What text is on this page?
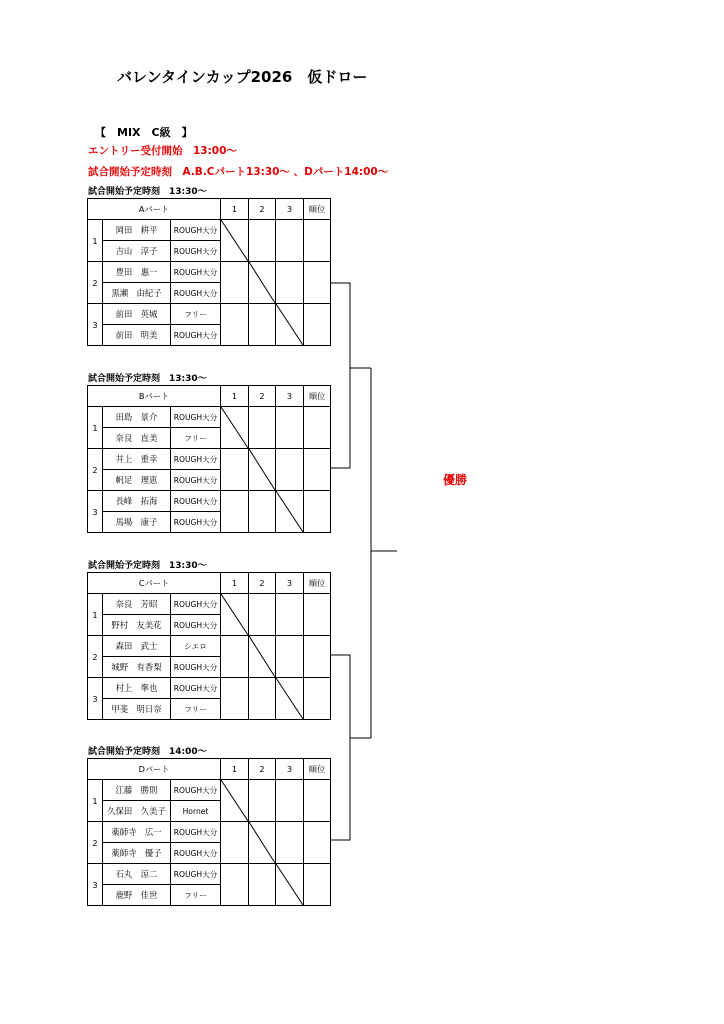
バレンタインカップ2026　仮ドロー
【　MIX　C級　】
エントリー受付開始　13:00～
試合開始予定時刻　A.B.Cパート13:30～ 、Dパート14:00～
優勝
試合開始予定時刻　13:30～
Aパート			1	2	3	順位
1	岡田　耕平	ROUGH大分	

	吉山　淳子	ROUGH大分				
2	豊田　惠一	ROUGH大分		

	黒瀬　由紀子	ROUGH大分				
3	前田　英城	フリー			

	前田　明美	ROUGH大分				
試合開始予定時刻　13:30～
Bパート			1	2	3	順位
1	田島　景介	ROUGH大分	

	奈良　直美	フリー				
2	井上　重幸	ROUGH大分		

	帆足　理恵	ROUGH大分				
3	長峰　拓海	ROUGH大分			

	馬場　康子	ROUGH大分				
試合開始予定時刻　13:30～
Cパート			1	2	3	順位
1	奈良　芳昭	ROUGH大分	

	野村　友美花	ROUGH大分				
2	森田　武士	シエロ		

	城野　有香梨	ROUGH大分				
3	村上　準也	ROUGH大分			

	甲斐　明日奈	フリー				
試合開始予定時刻　14:00～
Dパート			1	2	3	順位
1	江藤　勝則	ROUGH大分	

	久保田　久美子	Hornet				
2	薬師寺　広一	ROUGH大分		

	薬師寺　優子	ROUGH大分				
3	石丸　涼二	ROUGH大分			

	鹿野　佳世	フリー				
